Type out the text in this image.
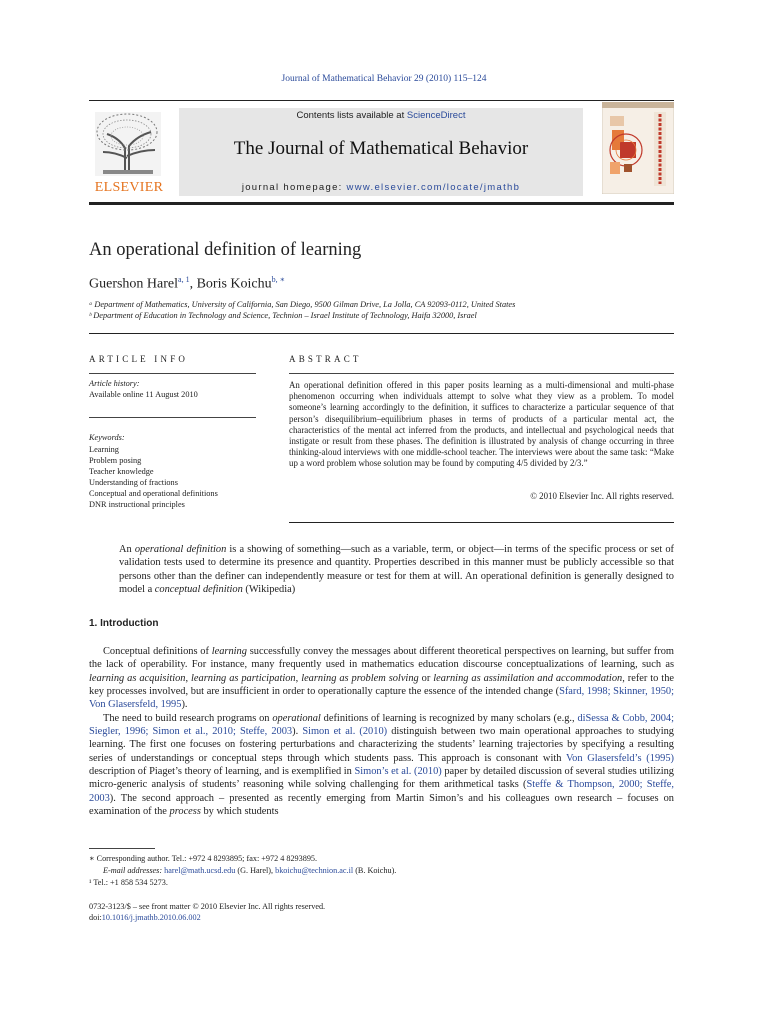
Journal of Mathematical Behavior 29 (2010) 115–124
ELSEVIER
Contents lists available at ScienceDirect
The Journal of Mathematical Behavior
journal homepage: www.elsevier.com/locate/jmathb
An operational definition of learning
Guershon Harel$^{a, 1}$, Boris Koichu$^{b, ∗}$
ᵃ Department of Mathematics, University of California, San Diego, 9500 Gilman Drive, La Jolla, CA 92093-0112, United States
ᵇ Department of Education in Technology and Science, Technion – Israel Institute of Technology, Haifa 32000, Israel
ARTICLE INFO	ABSTRACT
Article history:
Available online 11 August 2010
Keywords:
Learning
Problem posing
Teacher knowledge
Understanding of fractions
Conceptual and operational definitions
DNR instructional principles

An operational definition offered in this paper posits learning as a multi-dimensional and multi-phase phenomenon occurring when individuals attempt to solve what they view as a problem. To model someone’s learning accordingly to the definition, it suffices to characterize a particular sequence of that person’s disequilibrium–equilibrium phases in terms of products of a particular mental act, the characteristics of the mental act inferred from the products, and intellectual and psychological needs that instigate or result from these phases. The definition is illustrated by analysis of change occurring in three thinking-aloud interviews with one middle-school teacher. The interviews were about the same task: “Make up a word problem whose solution may be found by computing 4/5 divided by 2/3.”

© 2010 Elsevier Inc. All rights reserved.

An operational definition is a showing of something—such as a variable, term, or object—in terms of the specific process or set of validation tests used to determine its presence and quantity. Properties described in this manner must be publicly accessible so that persons other than the definer can independently measure or test for them at will. An operational definition is generally designed to model a conceptual definition (Wikipedia)

1. Introduction

Conceptual definitions of learning successfully convey the messages about different theoretical perspectives on learning, but suffer from the lack of operability. For instance, many frequently used in mathematics education discourse conceptualizations of learning, such as learning as acquisition, learning as participation, learning as problem solving or learning as assimilation and accommodation, refer to the key processes involved, but are insufficient in order to operationally capture the essence of the intended change (Sfard, 1998; Skinner, 1950; Von Glasersfeld, 1995).

The need to build research programs on operational definitions of learning is recognized by many scholars (e.g., diSessa & Cobb, 2004; Siegler, 1996; Simon et al., 2010; Steffe, 2003). Simon et al. (2010) distinguish between two main operational approaches to studying learning. The first one focuses on fostering perturbations and characterizing the students’ learning trajectories by specifying a resulting series of understandings or conceptual steps through which students pass. This approach is consonant with Von Glasersfeld’s (1995) description of Piaget’s theory of learning, and is exemplified in Simon’s et al. (2010) paper by detailed discussion of several studies utilizing micro-generic analysis of students’ reasoning while solving challenging for them arithmetical tasks (Steffe & Thompson, 2000; Steffe, 2003). The second approach – presented as recently emerging from Martin Simon’s and his colleagues own research – focuses on examination of the process by which students

∗ Corresponding author. Tel.: +972 4 8293895; fax: +972 4 8293895.
E-mail addresses: harel@math.ucsd.edu (G. Harel), bkoichu@technion.ac.il (B. Koichu).
¹ Tel.: +1 858 534 5273.
0732-3123/$ – see front matter © 2010 Elsevier Inc. All rights reserved.
doi:10.1016/j.jmathb.2010.06.002
